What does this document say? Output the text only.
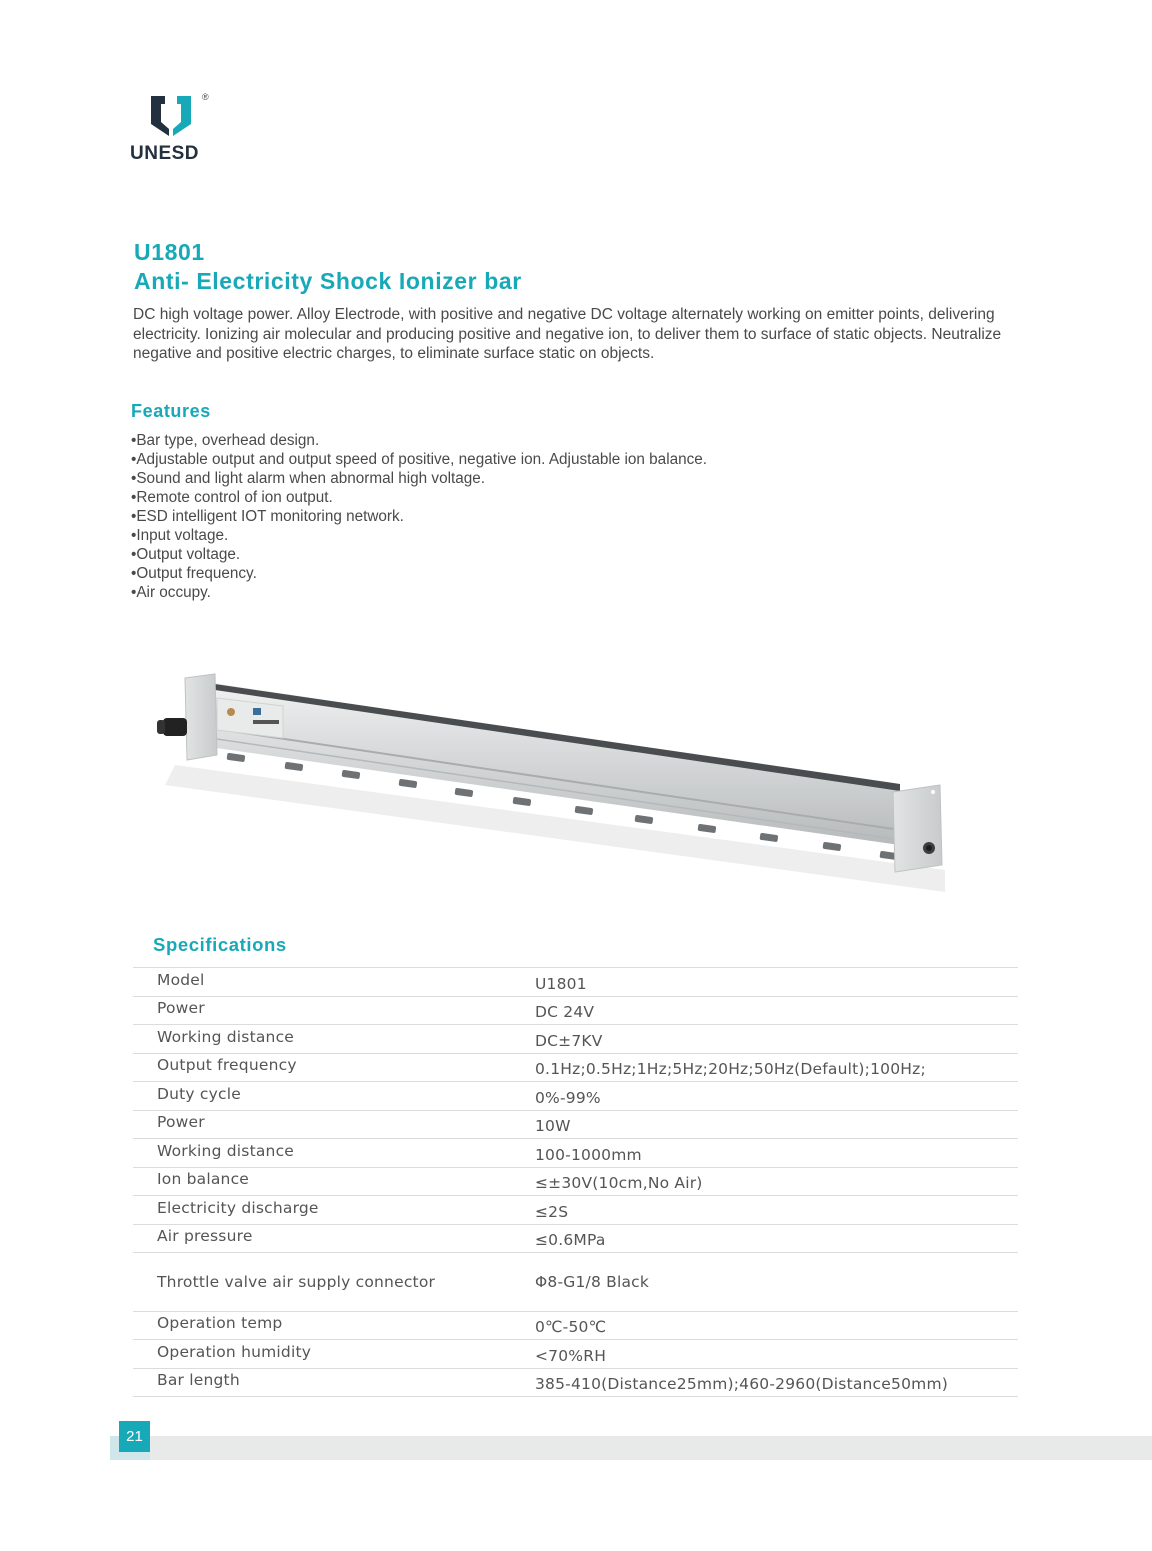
®
UNESD
U1801
Anti- Electricity Shock Ionizer bar

DC high voltage power. Alloy Electrode, with positive and negative DC voltage alternately working on emitter points, delivering electricity. Ionizing air molecular and producing positive and negative ion, to deliver them to surface of static objects. Neutralize negative and positive electric charges, to eliminate surface static on objects.

Features
• Bar type, overhead design.
• Adjustable output and output speed of positive, negative ion. Adjustable ion balance.
• Sound and light alarm when abnormal high voltage.
• Remote control of ion output.
• ESD intelligent IOT monitoring network.
• Input voltage.
• Output voltage.
• Output frequency.
• Air occupy.
Specifications
Model	U1801
Power	DC 24V
Working distance	DC±7KV
Output frequency	0.1Hz;0.5Hz;1Hz;5Hz;20Hz;50Hz(Default);100Hz;
Duty cycle	0%-99%
Power	10W
Working distance	100-1000mm
Ion balance	≤±30V(10cm,No Air)
Electricity discharge	≤2S
Air pressure	≤0.6MPa
Throttle valve air supply connector	Φ8-G1/8 Black
Operation temp	0℃-50℃
Operation humidity	<70%RH
Bar length	385-410(Distance25mm);460-2960(Distance50mm)
21
